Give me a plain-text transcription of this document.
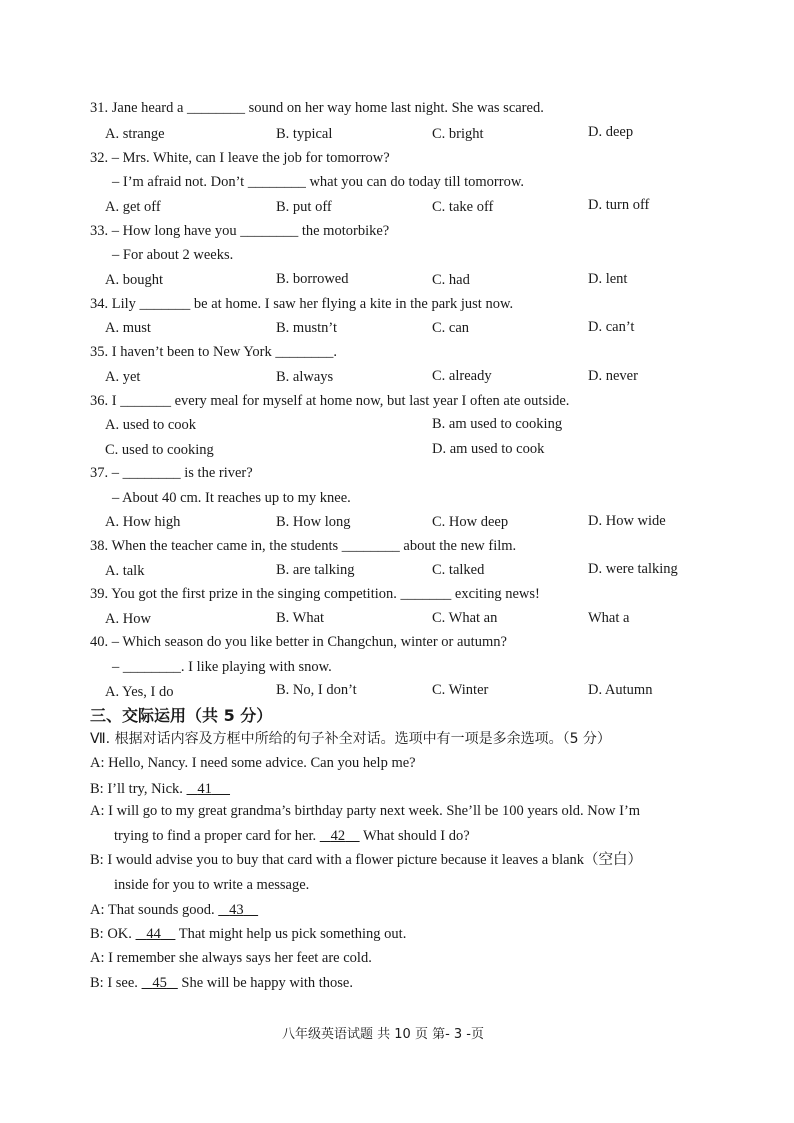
31. Jane heard a ________ sound on her way home last night. She was scared.
A. strange	B. typical	C. bright	D. deep
32. – Mrs. White, can I leave the job for tomorrow?
– I’m afraid not. Don’t ________ what you can do today till tomorrow.
A. get off	B. put off	C. take off	D. turn off
33. – How long have you ________ the motorbike?
– For about 2 weeks.
A. bought	B. borrowed	C. had	D. lent
34. Lily _______ be at home. I saw her flying a kite in the park just now.
A. must	B. mustn’t	C. can	D. can’t
35. I haven’t been to New York ________.
A. yet	B. always	C. already	D. never
36. I _______ every meal for myself at home now, but last year I often ate outside.
A. used to cook	B. am used to cooking
C. used to cooking	D. am used to cook
37. – ________ is the river?
– About 40 cm. It reaches up to my knee.
A. How high	B. How long	C. How deep	D. How wide
38. When the teacher came in, the students ________ about the new film.
A. talk	B. are talking	C. talked	D. were talking
39. You got the first prize in the singing competition. _______ exciting news!
A. How	B. What	C. What an	What a
40. – Which season do you like better in Changchun, winter or autumn?
– ________. I like playing with snow.
A. Yes, I do	B. No, I don’t	C. Winter	D. Autumn
三、交际运用（共 5 分）
Ⅶ. 根据对话内容及方框中所给的句子补全对话。选项中有一项是多余选项。（5 分）
A: Hello, Nancy. I need some advice. Can you help me?
B: I’ll try, Nick.    41
A: I will go to my great grandma’s birthday party next week. She’ll be 100 years old. Now I’m
trying to find a proper card for her.    42     What should I do?
B: I would advise you to buy that card with a flower picture because it leaves a blank（空白）
inside for you to write a message.
A: That sounds good.    43
B: OK.    44     That might help us pick something out.
A: I remember she always says her feet are cold.
B: I see.    45    She will be happy with those.
八年级英语试题 共 10 页 第- 3 -页
